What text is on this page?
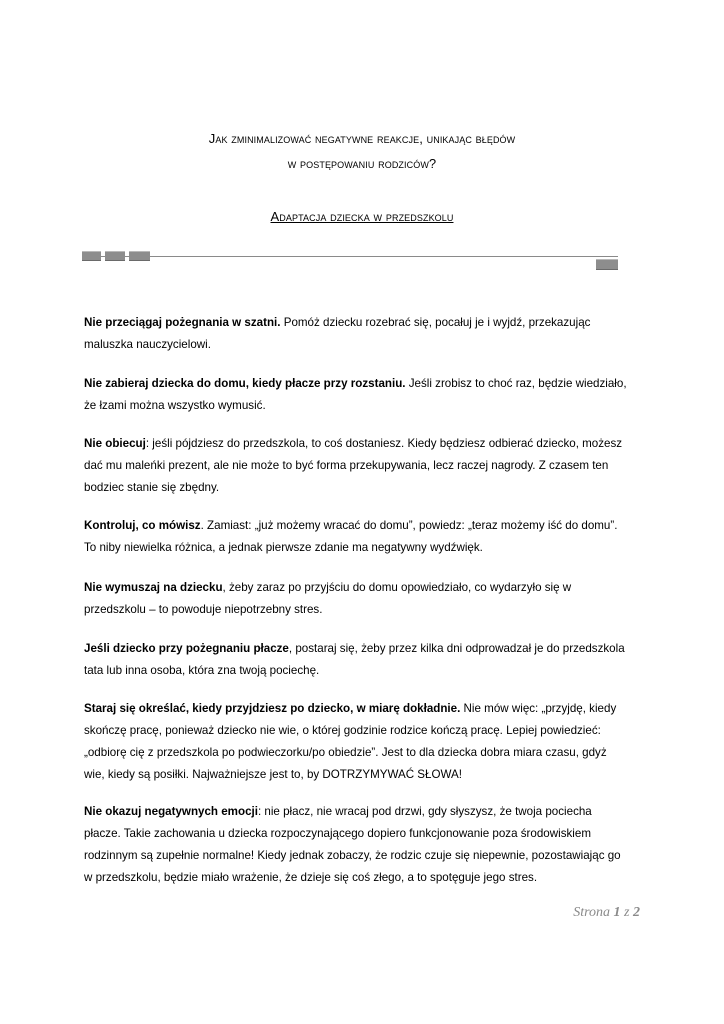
Jak zminimalizować negatywne reakcje, unikając błędów
w postępowaniu rodziców?
Adaptacja dziecka w przedszkolu

Nie przeciągaj pożegnania w szatni. Pomóż dziecku rozebrać się, pocałuj je i wyjdź, przekazując
maluszka nauczycielowi.

Nie zabieraj dziecka do domu, kiedy płacze przy rozstaniu. Jeśli zrobisz to choć raz, będzie wiedziało,
że łzami można wszystko wymusić.

Nie obiecuj: jeśli pójdziesz do przedszkola, to coś dostaniesz. Kiedy będziesz odbierać dziecko, możesz
dać mu maleńki prezent, ale nie może to być forma przekupywania, lecz raczej nagrody. Z czasem ten
bodziec stanie się zbędny.

Kontroluj, co mówisz. Zamiast: „już możemy wracać do domu”, powiedz: „teraz możemy iść do domu”.
To niby niewielka różnica, a jednak pierwsze zdanie ma negatywny wydźwięk.

Nie wymuszaj na dziecku, żeby zaraz po przyjściu do domu opowiedziało, co wydarzyło się w
przedszkolu – to powoduje niepotrzebny stres.

Jeśli dziecko przy pożegnaniu płacze, postaraj się, żeby przez kilka dni odprowadzał je do przedszkola
tata lub inna osoba, która zna twoją pociechę.

Staraj się określać, kiedy przyjdziesz po dziecko, w miarę dokładnie. Nie mów więc: „przyjdę, kiedy
skończę pracę, ponieważ dziecko nie wie, o której godzinie rodzice kończą pracę. Lepiej powiedzieć:
„odbiorę cię z przedszkola po podwieczorku/po obiedzie”. Jest to dla dziecka dobra miara czasu, gdyż
wie, kiedy są posiłki. Najważniejsze jest to, by DOTRZYMYWAĆ SŁOWA!

Nie okazuj negatywnych emocji: nie płacz, nie wracaj pod drzwi, gdy słyszysz, że twoja pociecha
płacze. Takie zachowania u dziecka rozpoczynającego dopiero funkcjonowanie poza środowiskiem
rodzinnym są zupełnie normalne! Kiedy jednak zobaczy, że rodzic czuje się niepewnie, pozostawiając go
w przedszkolu, będzie miało wrażenie, że dzieje się coś złego, a to spotęguje jego stres.

Strona 1 z 2
